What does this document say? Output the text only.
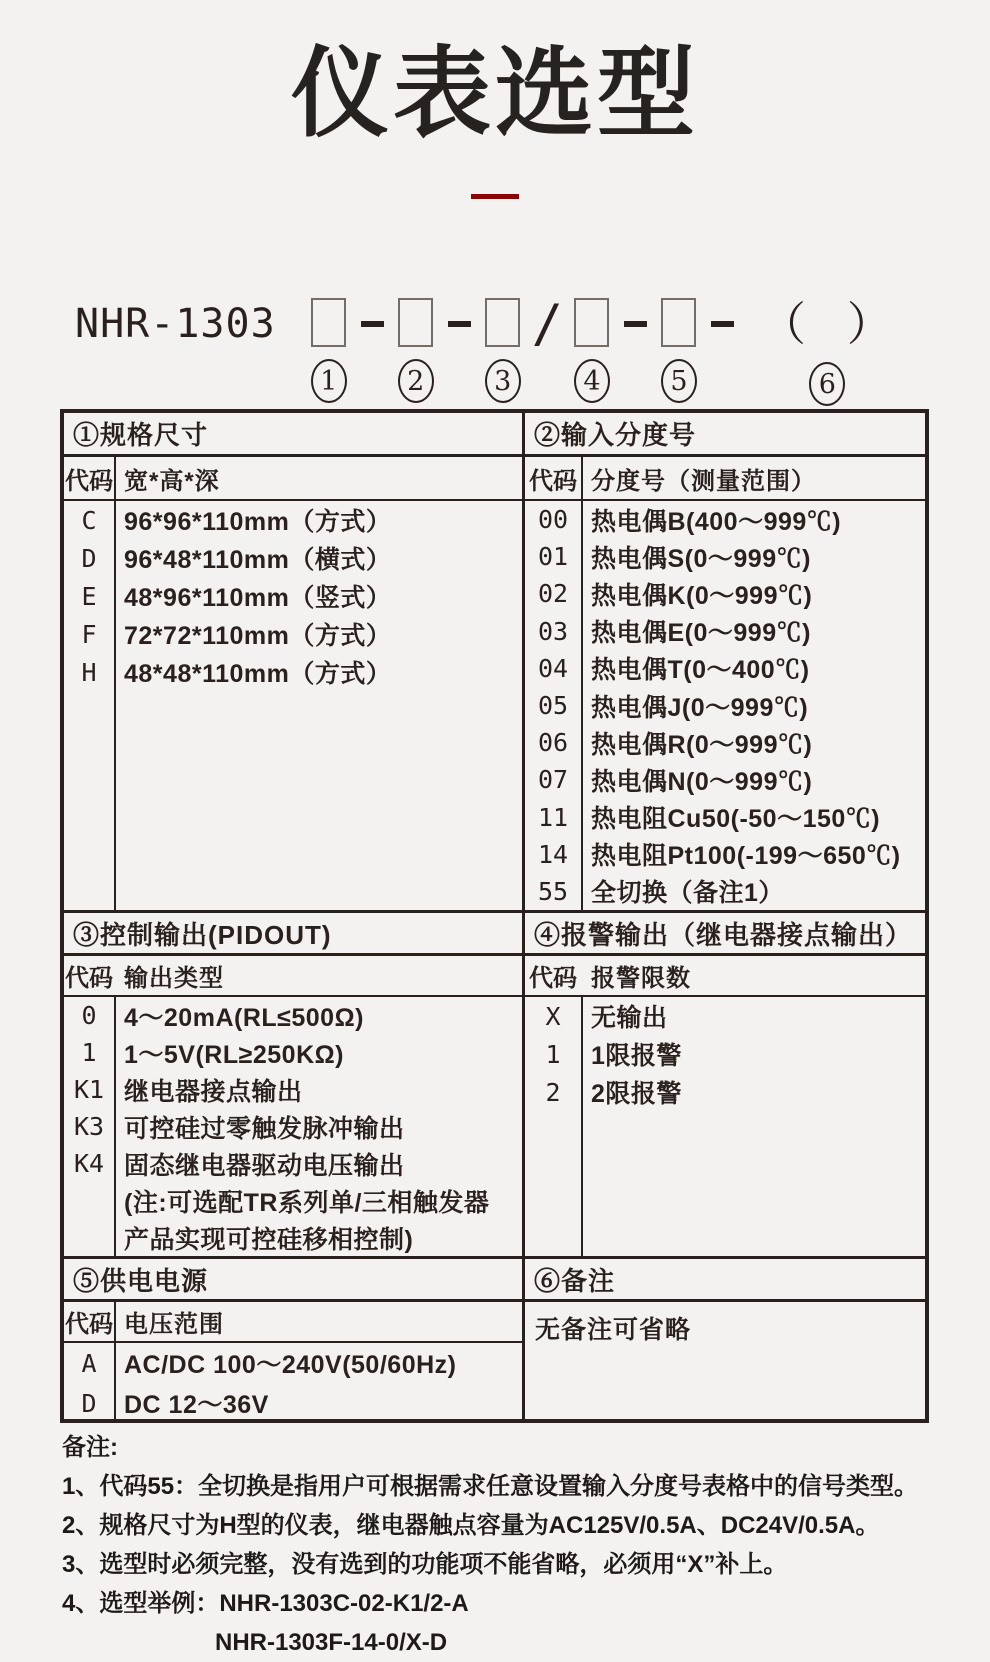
仪表选型
NHR-1303
1	2	3
/
4	5
（ ）
6
①规格尺寸
代码 宽*高*深
C	96*96*110mm（方式）
D	96*48*110mm（横式）
E	48*96*110mm（竖式）
F	72*72*110mm（方式）
H	48*48*110mm（方式）
③控制输出(PIDOUT)
代码 输出类型
0	4～20mA(RL≤500Ω)
1	1～5V(RL≥250KΩ)
K1 继电器接点输出
K3 可控硅过零触发脉冲输出
K4 固态继电器驱动电压输出
(注:可选配TR系列单/三相触发器
产品实现可控硅移相控制)
⑤供电电源
代码 电压范围
A	AC/DC 100～240V(50/60Hz)
D	DC 12～36V
②输入分度号
代码 分度号（测量范围）
00 热电偶B(400～999℃)
01 热电偶S(0～999℃)
02 热电偶K(0～999℃)
03 热电偶E(0～999℃)
04 热电偶T(0～400℃)
05 热电偶J(0～999℃)
06 热电偶R(0～999℃)
07 热电偶N(0～999℃)
11 热电阻Cu50(-50～150℃)
14 热电阻Pt100(-199～650℃)
55 全切换（备注1）
④报警输出（继电器接点输出）
代码 报警限数
X	无输出
1	1限报警
2	2限报警
⑥备注
无备注可省略
备注:
1、代码55：全切换是指用户可根据需求任意设置输入分度号表格中的信号类型。
2、规格尺寸为H型的仪表，继电器触点容量为AC125V/0.5A、DC24V/0.5A。
3、选型时必须完整，没有选到的功能项不能省略，必须用“X”补上。
4、选型举例：NHR-1303C-02-K1/2-A
NHR-1303F-14-0/X-D
